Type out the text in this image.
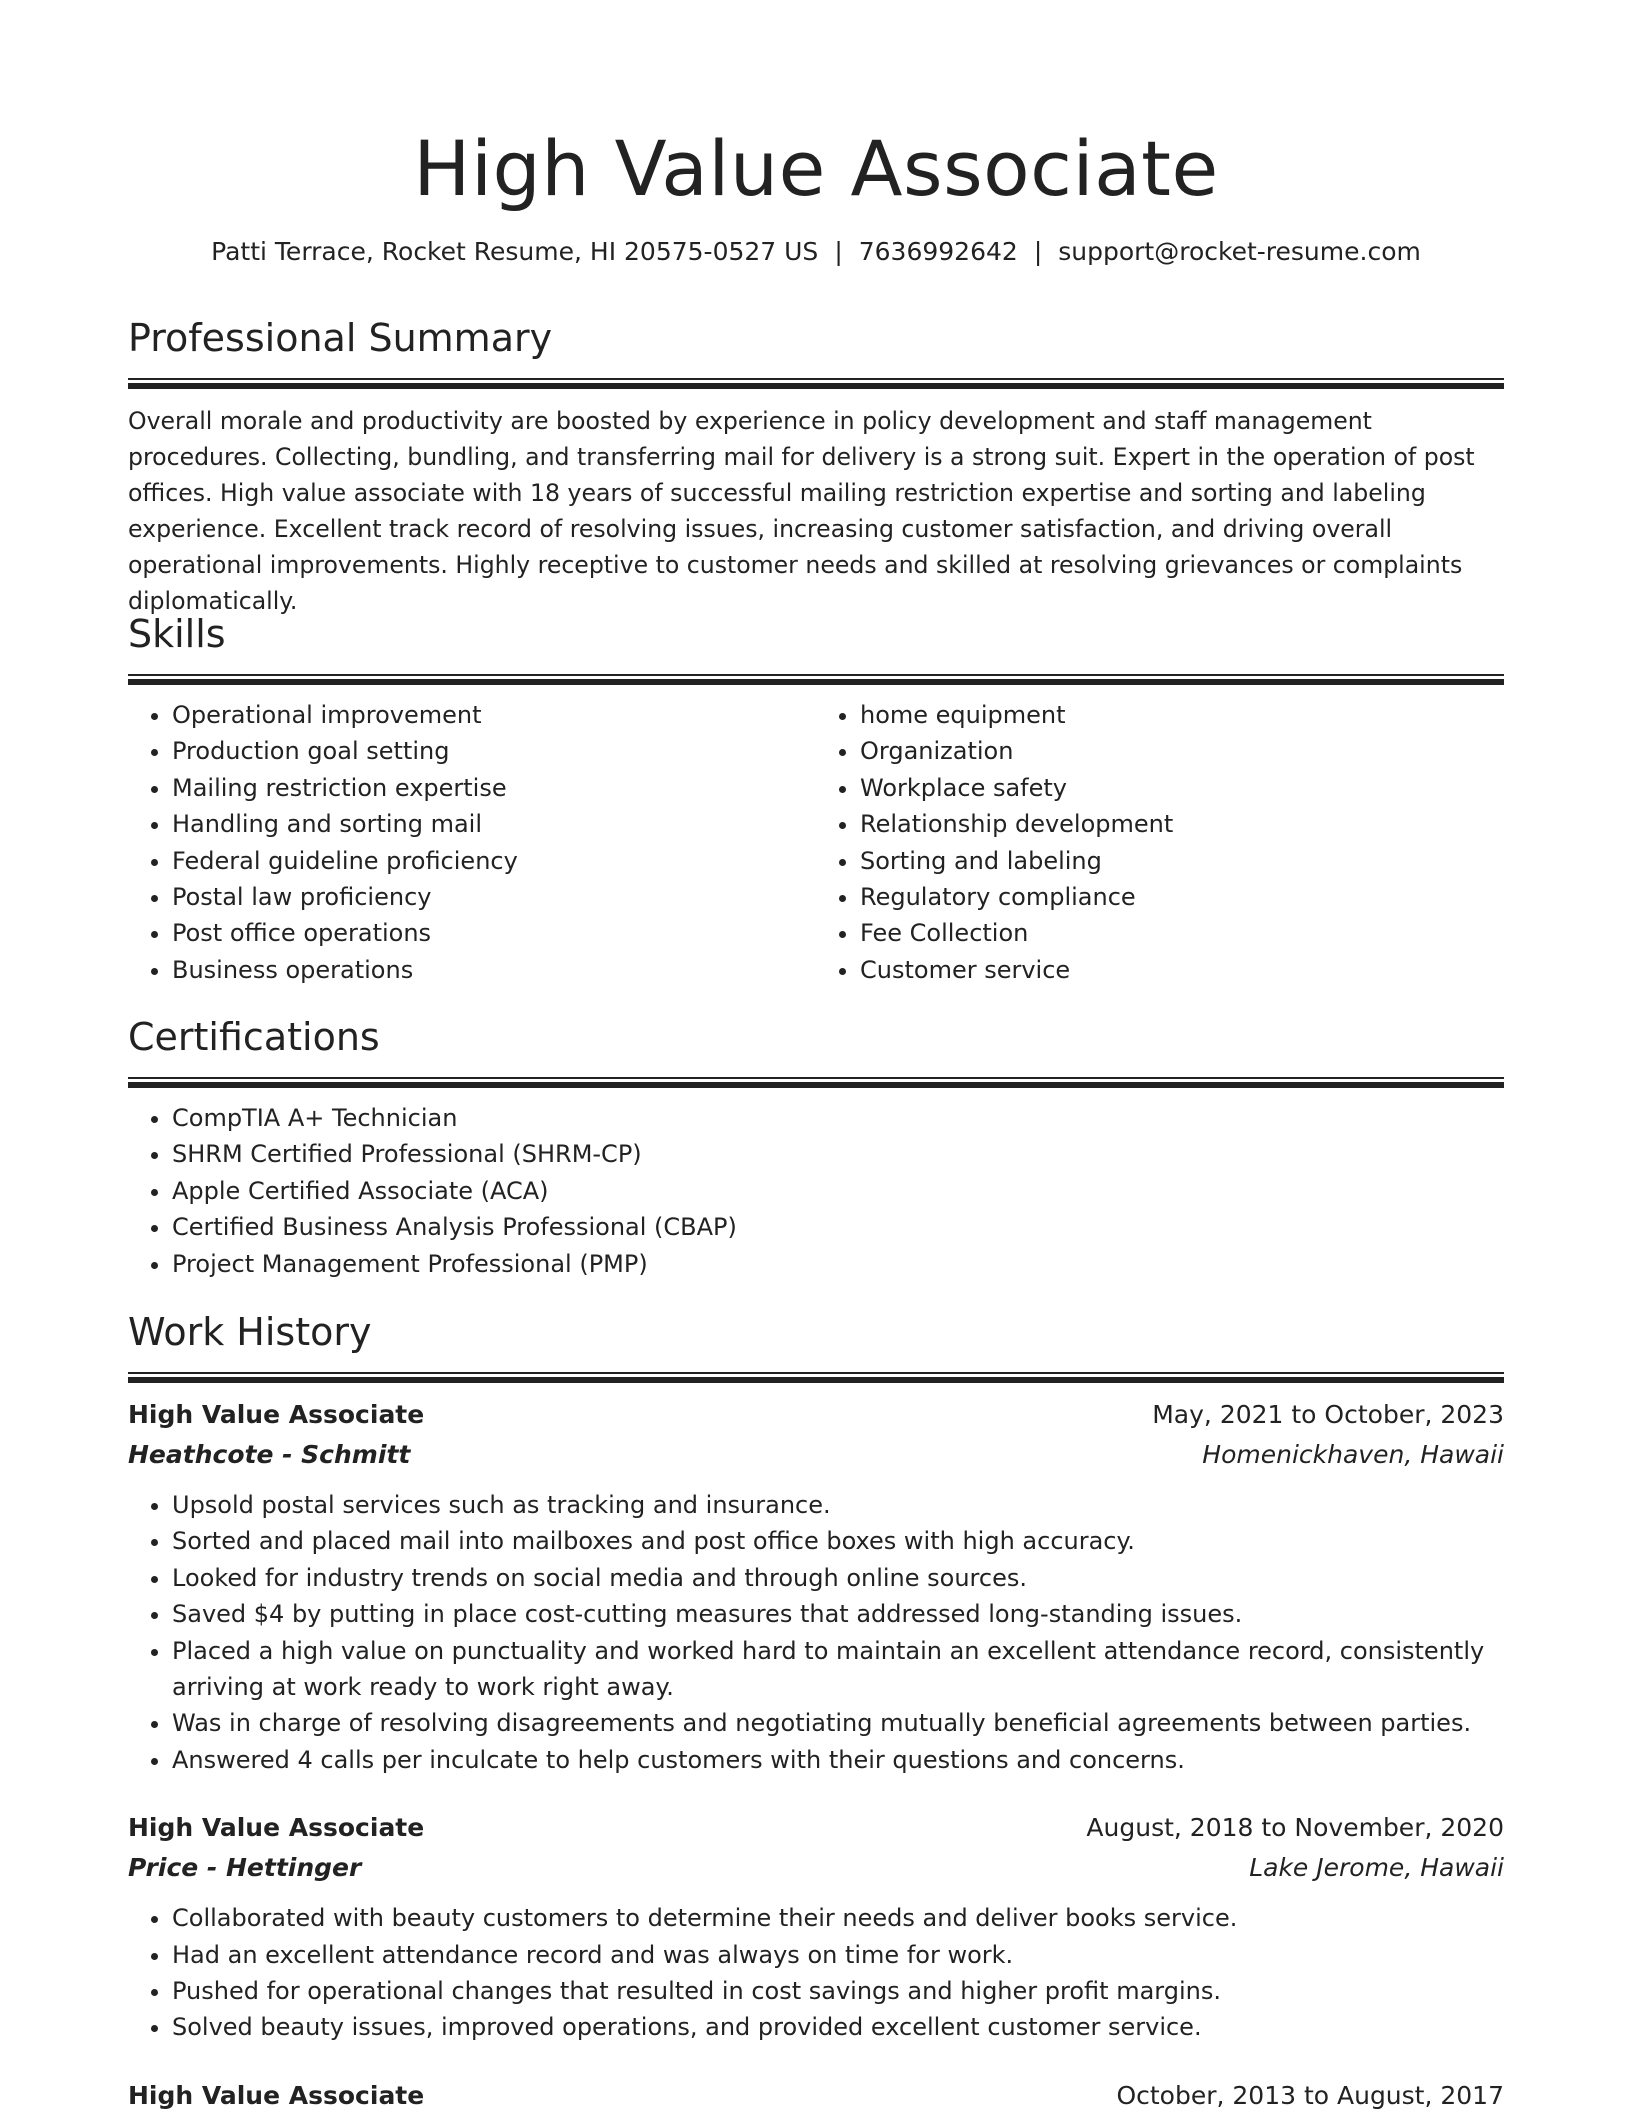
High Value Associate
Patti Terrace, Rocket Resume, HI 20575-0527 US | 7636992642 | support@rocket-resume.com
Professional Summary

Overall morale and productivity are boosted by experience in policy development and staff management procedures. Collecting, bundling, and transferring mail for delivery is a strong suit. Expert in the operation of post offices. High value associate with 18 years of successful mailing restriction expertise and sorting and labeling experience. Excellent track record of resolving issues, increasing customer satisfaction, and driving overall operational improvements. Highly receptive to customer needs and skilled at resolving grievances or complaints diplomatically.

Skills
• Operational improvement
• Production goal setting
• Mailing restriction expertise
• Handling and sorting mail
• Federal guideline proficiency
• Postal law proficiency
• Post office operations
• Business operations
• home equipment
• Organization
• Workplace safety
• Relationship development
• Sorting and labeling
• Regulatory compliance
• Fee Collection
• Customer service
Certifications
• CompTIA A+ Technician
• SHRM Certified Professional (SHRM-CP)
• Apple Certified Associate (ACA)
• Certified Business Analysis Professional (CBAP)
• Project Management Professional (PMP)
Work History
High Value Associate	May, 2021 to October, 2023
Heathcote - Schmitt	Homenickhaven, Hawaii
• Upsold postal services such as tracking and insurance.
• Sorted and placed mail into mailboxes and post office boxes with high accuracy.
• Looked for industry trends on social media and through online sources.
• Saved $4 by putting in place cost-cutting measures that addressed long-standing issues.
• Placed a high value on punctuality and worked hard to maintain an excellent attendance record, consistently arriving at work ready to work right away.
• Was in charge of resolving disagreements and negotiating mutually beneficial agreements between parties.
• Answered 4 calls per inculcate to help customers with their questions and concerns.
High Value Associate	August, 2018 to November, 2020
Price - Hettinger	Lake Jerome, Hawaii
• Collaborated with beauty customers to determine their needs and deliver books service.
• Had an excellent attendance record and was always on time for work.
• Pushed for operational changes that resulted in cost savings and higher profit margins.
• Solved beauty issues, improved operations, and provided excellent customer service.
High Value Associate	October, 2013 to August, 2017
